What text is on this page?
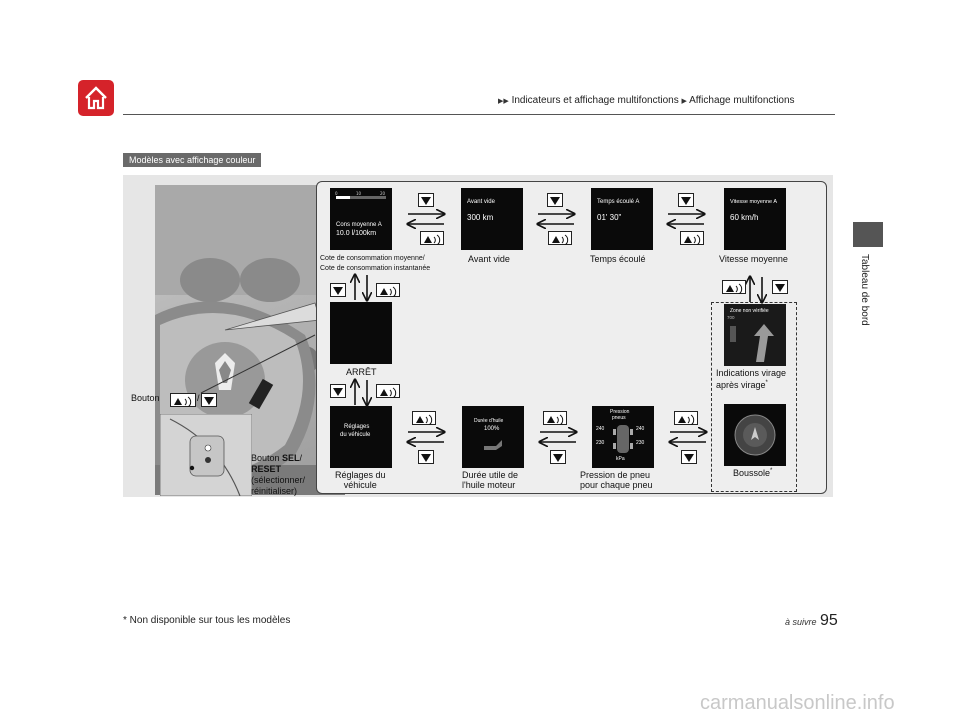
▶▶ Indicateurs et affichage multifonctions ▶ Affichage multifonctions
Tableau de bord
Modèles avec affichage couleur
Bouton	/
Bouton SEL/
RESET
(sélectionner/
réinitialiser)
0	10	20
Cons moyenne A
10.0 l/100km
Avant vide
300 km
Temps écoulé A
01' 30"
Vitesse moyenne A
60 km/h
Cote de consommation moyenne/
Cote de consommation instantanée
Avant vide	Temps écoulé	Vitesse moyenne
ARRÊT
Zone non vérifiée
700
Indications virage
après virage*
Réglages
du véhicule
Durée d'huile
100%
Pression
pneus
240	240
230	230
kPa
Réglages du
véhicule
Durée utile de
l'huile moteur
Pression de pneu
pour chaque pneu
Boussole*
* Non disponible sur tous les modèles	à suivre 95
carmanualsonline.info
